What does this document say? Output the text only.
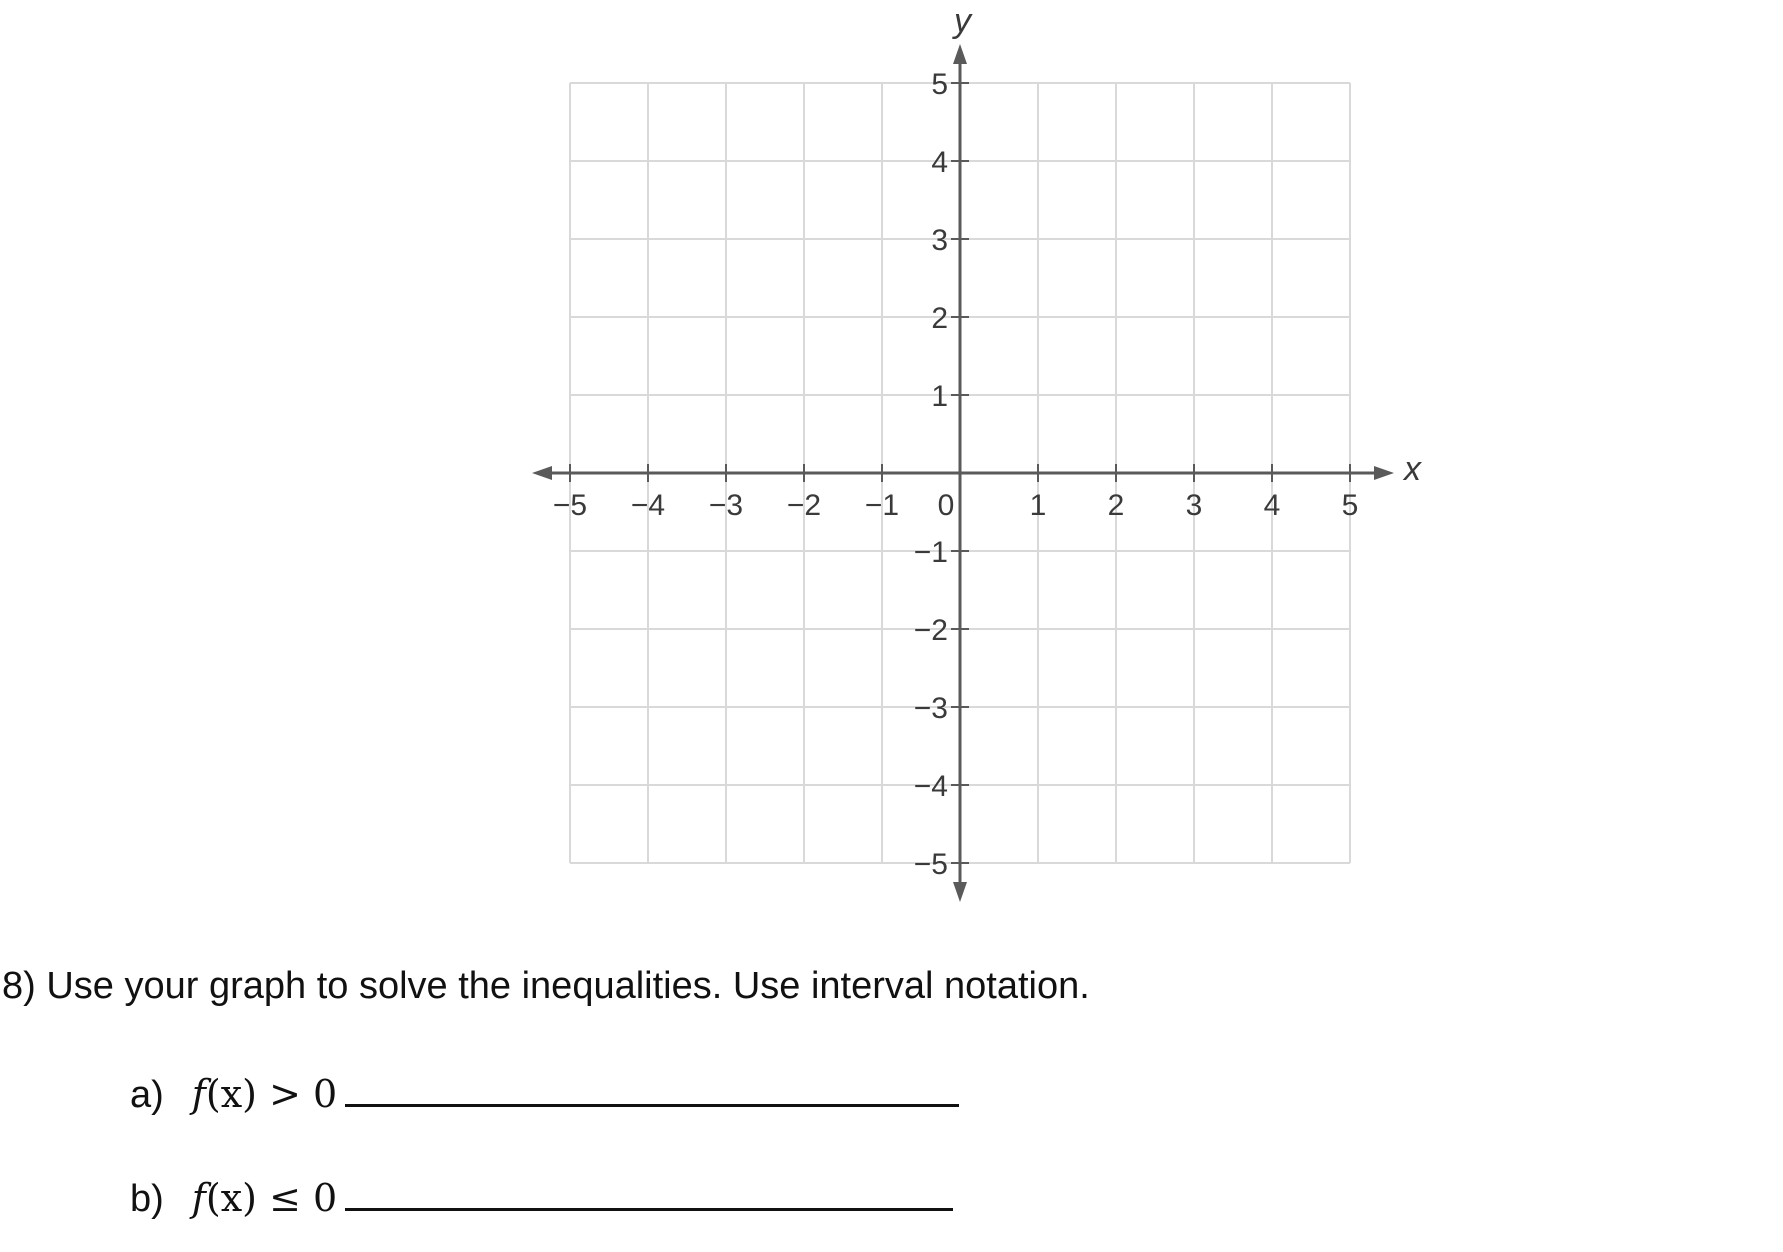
−5 −4 −3 −2 −1 0	1 2 3 4 5
1
2
3
4
5
−1
−2
−3
−4
−5
x
y
8) Use your graph to solve the inequalities. Use interval notation.
a) f(x) > 0
b) f(x) ≤ 0
